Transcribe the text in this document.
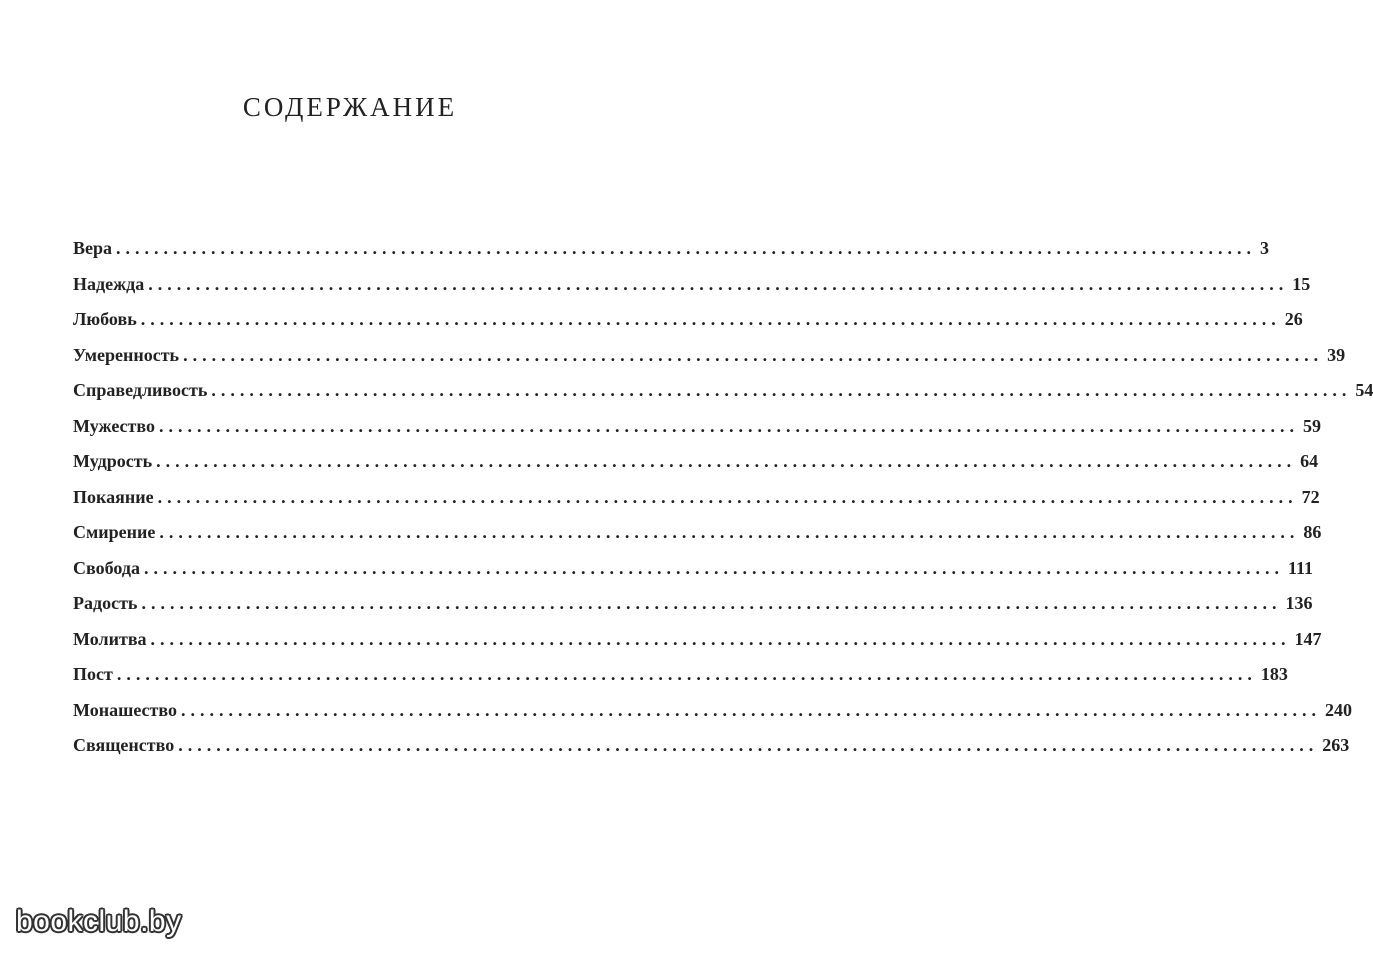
СОДЕРЖАНИЕ
Вера ........................................................................................................................ 3
Надежда ........................................................................................................................ 15
Любовь ........................................................................................................................ 26
Умеренность ........................................................................................................................ 39
Справедливость ........................................................................................................................ 54
Мужество ........................................................................................................................ 59
Мудрость ........................................................................................................................ 64
Покаяние ........................................................................................................................ 72
Смирение ........................................................................................................................ 86
Свобода ........................................................................................................................ 111
Радость ........................................................................................................................ 136
Молитва ........................................................................................................................ 147
Пост ........................................................................................................................ 183
Монашество ........................................................................................................................ 240
Священство ........................................................................................................................ 263
bookclub.by
